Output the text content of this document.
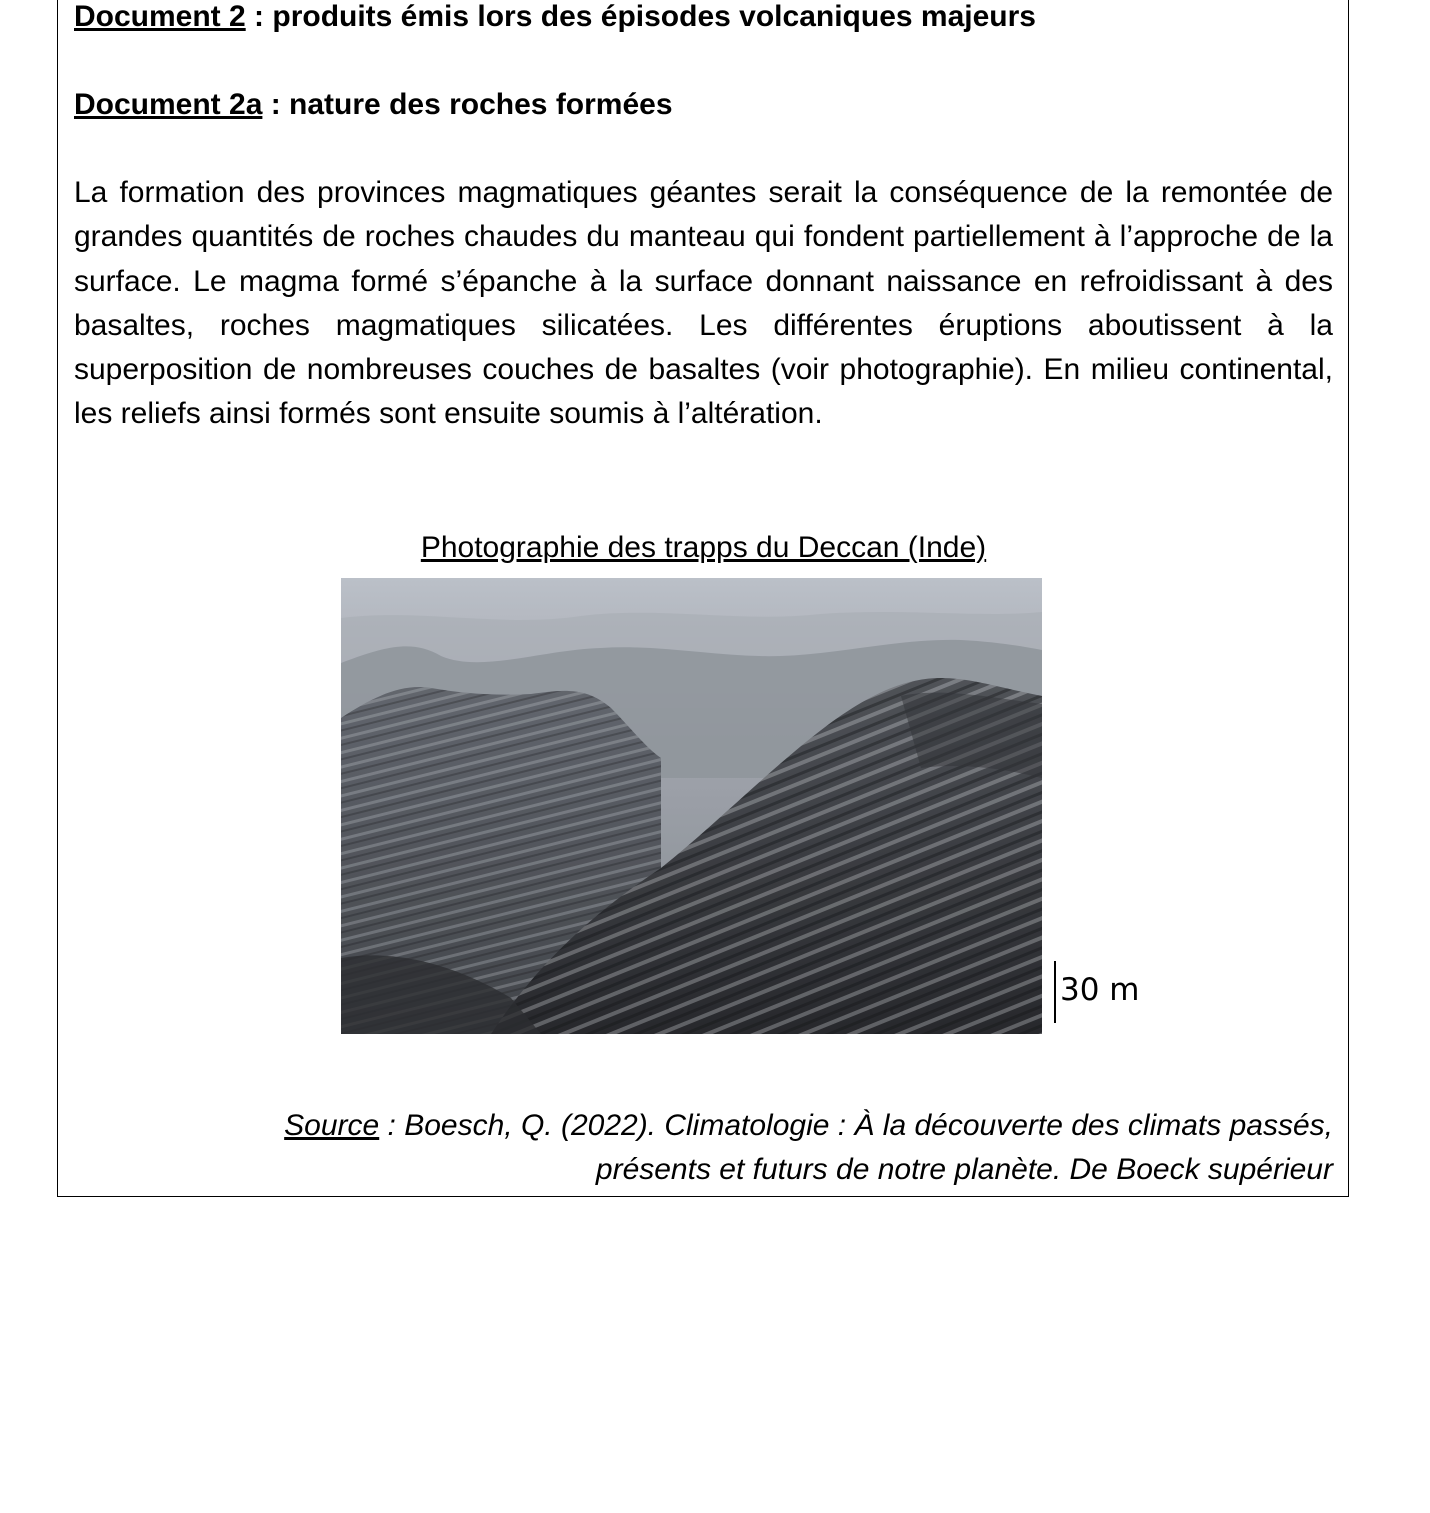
Document 2 : produits émis lors des épisodes volcaniques majeurs
Document 2a : nature des roches formées
La formation des provinces magmatiques géantes serait la conséquence de la remontée de grandes quantités de roches chaudes du manteau qui fondent partiellement à l’approche de la surface. Le magma formé s’épanche à la surface donnant naissance en refroidissant à des basaltes, roches magmatiques silicatées. Les différentes éruptions aboutissent à la superposition de nombreuses couches de basaltes (voir photographie). En milieu continental, les reliefs ainsi formés sont ensuite soumis à l’altération.
Photographie des trapps du Deccan (Inde)
30 m
Source : Boesch, Q. (2022). Climatologie : À la découverte des climats passés,
présents et futurs de notre planète. De Boeck supérieur
